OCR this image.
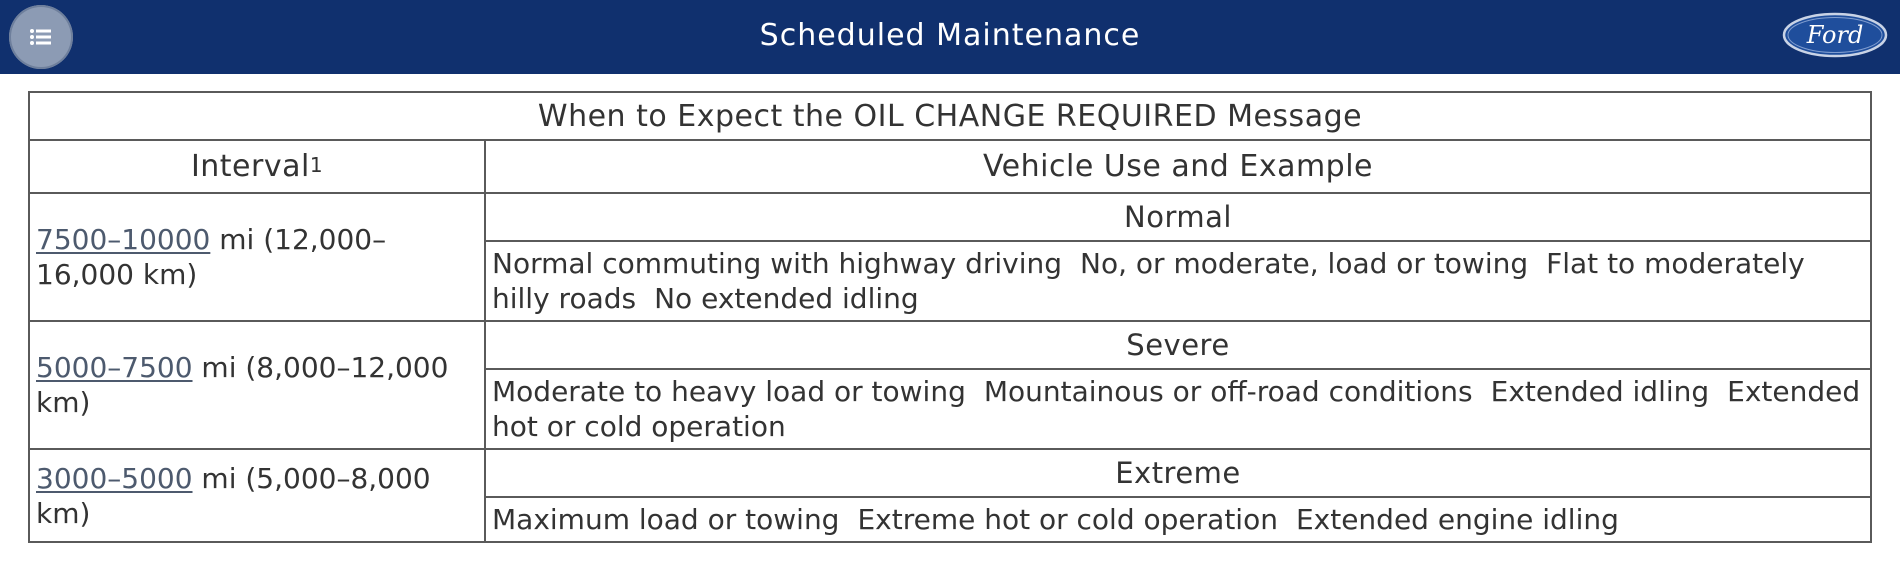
Scheduled Maintenance	Ford
When to Expect the OIL CHANGE REQUIRED Message	
Interval$^1$	Vehicle Use and Example
7500–10000 mi (12,000–16,000 km)	Normal
	Normal commuting with highway driving No, or moderate, load or towing Flat to moderately hilly roads No extended idling
5000–7500 mi (8,000–12,000 km)	Severe
	Moderate to heavy load or towing Mountainous or off-road conditions Extended idling Extended hot or cold operation
3000–5000 mi (5,000–8,000 km)	Extreme
	Maximum load or towing Extreme hot or cold operation Extended engine idling
